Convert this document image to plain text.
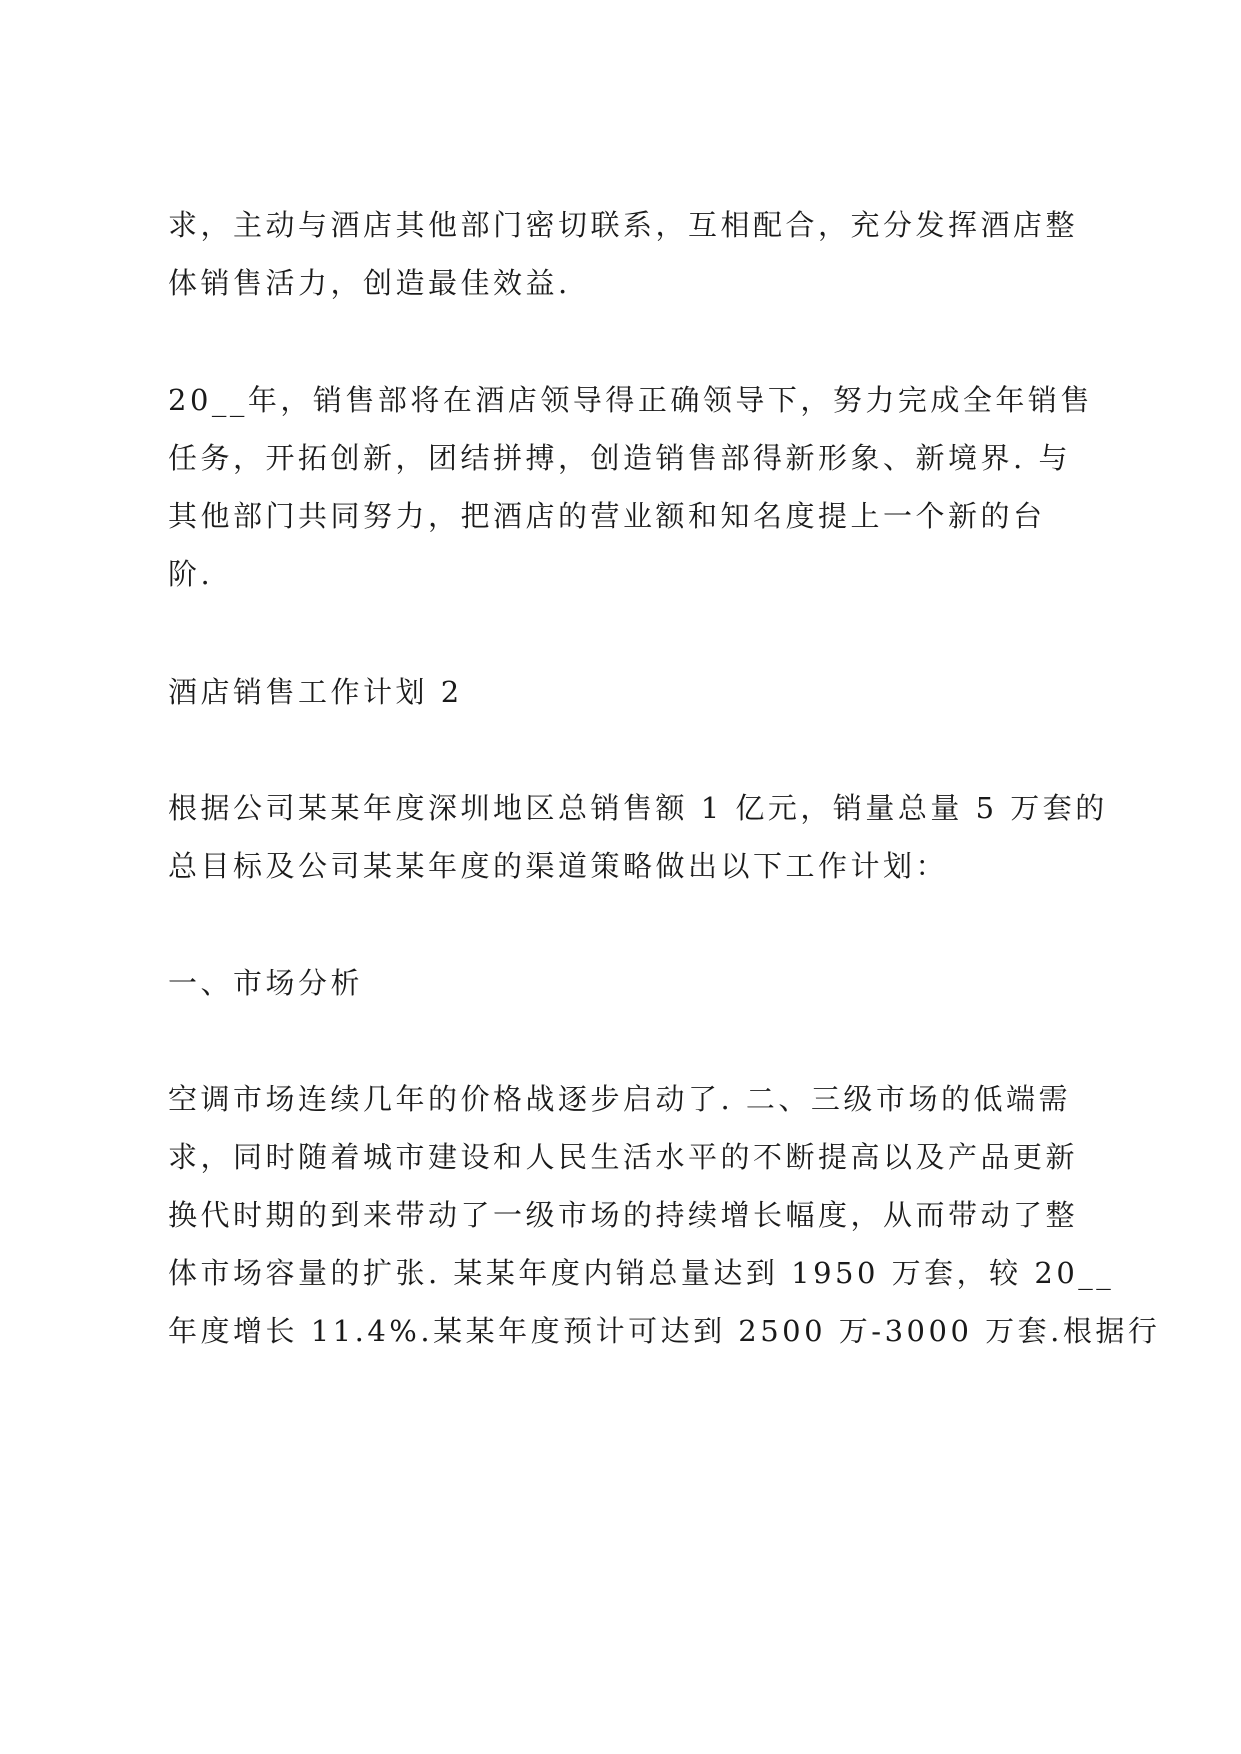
求，主动与酒店其他部门密切联系，互相配合，充分发挥酒店整
体销售活力，创造最佳效益.
20__年，销售部将在酒店领导得正确领导下，努力完成全年销售
任务，开拓创新，团结拼搏，创造销售部得新形象、新境界. 与
其他部门共同努力，把酒店的营业额和知名度提上一个新的台
阶.
酒店销售工作计划 2
根据公司某某年度深圳地区总销售额 1 亿元，销量总量 5 万套的
总目标及公司某某年度的渠道策略做出以下工作计划：
一、市场分析
空调市场连续几年的价格战逐步启动了. 二、三级市场的低端需
求，同时随着城市建设和人民生活水平的不断提高以及产品更新
换代时期的到来带动了一级市场的持续增长幅度，从而带动了整
体市场容量的扩张. 某某年度内销总量达到 1950 万套，较 20__
年度增长 11.4%.某某年度预计可达到 2500 万-3000 万套.根据行
